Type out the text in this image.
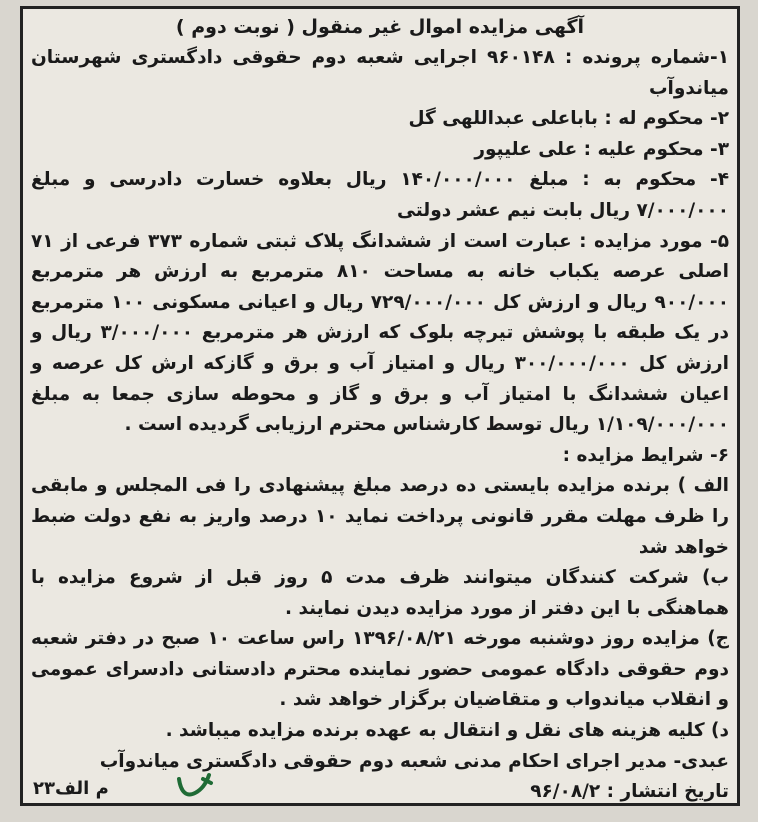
آگهی مزایده اموال غیر منقول ( نوبت دوم )

۱-شماره پرونده : ۹۶۰۱۴۸ اجرایی شعبه دوم حقوقی دادگستری شهرستان میاندوآب

۲- محکوم له : باباعلی عبداللهی گل

۳- محکوم علیه : علی علیپور

۴- محکوم به : مبلغ ۱۴۰/۰۰۰/۰۰۰ ریال بعلاوه خسارت دادرسی و مبلغ ۷/۰۰۰/۰۰۰ ریال بابت نیم عشر دولتی

۵- مورد مزایده : عبارت است از ششدانگ پلاک ثبتی شماره ۳۷۳ فرعی از ۷۱ اصلی عرصه یکباب خانه به مساحت ۸۱۰ مترمربع به ارزش هر مترمربع ۹۰۰/۰۰۰ ریال و ارزش کل ۷۲۹/۰۰۰/۰۰۰ ریال و اعیانی مسکونی ۱۰۰ مترمربع در یک طبقه با پوشش تیرچه بلوک که ارزش هر مترمربع ۳/۰۰۰/۰۰۰ ریال و ارزش کل ۳۰۰/۰۰۰/۰۰۰ ریال و امتیاز آب و برق و گازکه ارش کل عرصه و اعیان ششدانگ با امتیاز آب و برق و گاز و محوطه سازی جمعا به مبلغ ۱/۱۰۹/۰۰۰/۰۰۰ ریال توسط کارشناس محترم ارزیابی گردیده است .

۶- شرایط مزایده :

الف ) برنده مزایده بایستی ده درصد مبلغ پیشنهادی را فی المجلس و مابقی را ظرف مهلت مقرر قانونی پرداخت نماید ۱۰ درصد واریز به نفع دولت ضبط خواهد شد

ب) شرکت کنندگان میتوانند ظرف مدت ۵ روز قبل از شروع مزایده با هماهنگی با این دفتر از مورد مزایده دیدن نمایند .

ج) مزایده روز دوشنبه مورخه ۱۳۹۶/۰۸/۲۱ راس ساعت ۱۰ صبح در دفتر شعبه دوم حقوقی دادگاه عمومی حضور نماینده محترم دادستانی دادسرای عمومی و انقلاب میاندواب و متقاضیان برگزار خواهد شد .

د) کلیه هزینه های نقل و انتقال به عهده برنده مزایده میباشد .

عبدی- مدیر اجرای احکام مدنی شعبه دوم حقوقی دادگستری میاندوآب

تاریخ انتشار : ۹۶/۰۸/۲

م الف۲۳
